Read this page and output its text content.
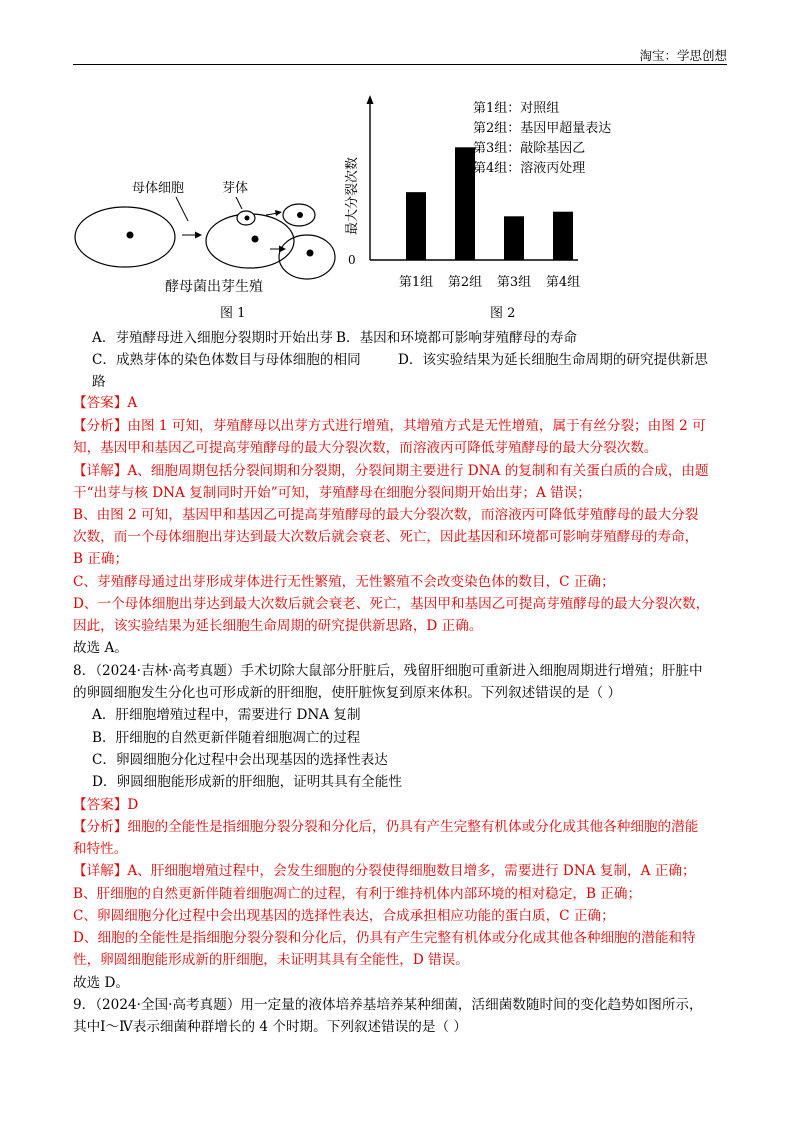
淘宝：学思创想
母体细胞	芽体
酵母菌出芽生殖
图 1
最大分裂次数
0
第1组 第2组 第3组 第4组
第1组：对照组
第2组：基因甲超量表达
第3组：敲除基因乙
第4组：溶液丙处理
图 2
A．芽殖酵母进入细胞分裂期时开始出芽 B．基因和环境都可影响芽殖酵母的寿命
C．成熟芽体的染色体数目与母体细胞的相同	D．该实验结果为延长细胞生命周期的研究提供新思
路
【答案】A
【分析】由图 1 可知，芽殖酵母以出芽方式进行增殖，其增殖方式是无性增殖，属于有丝分裂；由图 2 可
知，基因甲和基因乙可提高芽殖酵母的最大分裂次数，而溶液丙可降低芽殖酵母的最大分裂次数。
【详解】A、细胞周期包括分裂间期和分裂期，分裂间期主要进行 DNA 的复制和有关蛋白质的合成，由题
干“出芽与核 DNA 复制同时开始”可知，芽殖酵母在细胞分裂间期开始出芽；A 错误；
B、由图 2 可知，基因甲和基因乙可提高芽殖酵母的最大分裂次数，而溶液丙可降低芽殖酵母的最大分裂
次数，而一个母体细胞出芽达到最大次数后就会衰老、死亡，因此基因和环境都可影响芽殖酵母的寿命，
B 正确；
C、芽殖酵母通过出芽形成芽体进行无性繁殖，无性繁殖不会改变染色体的数目，C 正确；
D、一个母体细胞出芽达到最大次数后就会衰老、死亡，基因甲和基因乙可提高芽殖酵母的最大分裂次数，
因此，该实验结果为延长细胞生命周期的研究提供新思路，D 正确。
故选 A。
8．（2024·吉林·高考真题）手术切除大鼠部分肝脏后，残留肝细胞可重新进入细胞周期进行增殖；肝脏中
的卵圆细胞发生分化也可形成新的肝细胞，使肝脏恢复到原来体积。下列叙述错误的是（ ）
A．肝细胞增殖过程中，需要进行 DNA 复制
B．肝细胞的自然更新伴随着细胞凋亡的过程
C．卵圆细胞分化过程中会出现基因的选择性表达
D．卵圆细胞能形成新的肝细胞，证明其具有全能性
【答案】D
【分析】细胞的全能性是指细胞分裂分裂和分化后，仍具有产生完整有机体或分化成其他各种细胞的潜能
和特性。
【详解】A、肝细胞增殖过程中，会发生细胞的分裂使得细胞数目增多，需要进行 DNA 复制，A 正确；
B、肝细胞的自然更新伴随着细胞凋亡的过程，有利于维持机体内部环境的相对稳定，B 正确；
C、卵圆细胞分化过程中会出现基因的选择性表达，合成承担相应功能的蛋白质，C 正确；
D、细胞的全能性是指细胞分裂分裂和分化后，仍具有产生完整有机体或分化成其他各种细胞的潜能和特
性，卵圆细胞能形成新的肝细胞，未证明其具有全能性，D 错误。
故选 D。
9．（2024·全国·高考真题）用一定量的液体培养基培养某种细菌，活细菌数随时间的变化趋势如图所示，
其中Ⅰ～Ⅳ表示细菌种群增长的 4 个时期。下列叙述错误的是（ ）
